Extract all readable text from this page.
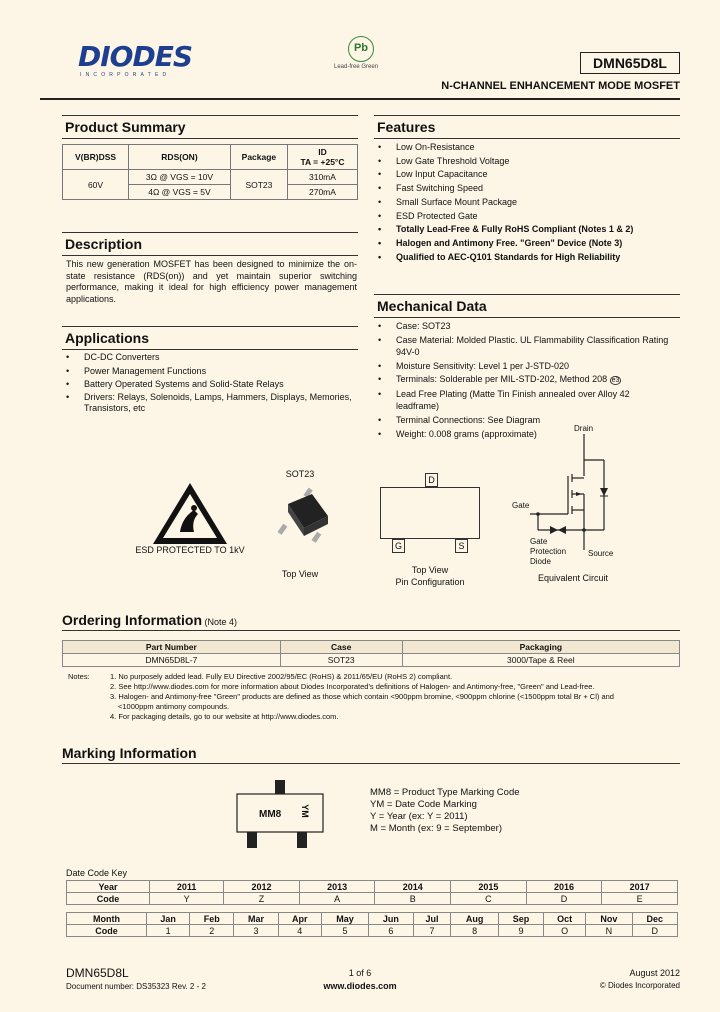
DIODES
INCORPORATED
Pb
Lead-free Green	DMN65D8L
N-CHANNEL ENHANCEMENT MODE MOSFET
Product Summary
V(BR)DSS	RDS(ON)	Package	ID
TA = +25°C

60V	3Ω @ VGS = 10V	SOT23	310mA
	4Ω @ VGS = 5V		270mA
Description
This new generation MOSFET has been designed to minimize the on-state resistance (RDS(on)) and yet maintain superior switching performance, making it ideal for high efficiency power management applications.
Applications
• DC-DC Converters
• Power Management Functions
• Battery Operated Systems and Solid-State Relays
• Drivers: Relays, Solenoids, Lamps, Hammers, Displays, Memories, Transistors, etc
Features
• Low On-Resistance
• Low Gate Threshold Voltage
• Low Input Capacitance
• Fast Switching Speed
• Small Surface Mount Package
• ESD Protected Gate
• Totally Lead-Free & Fully RoHS Compliant (Notes 1 & 2)
• Halogen and Antimony Free. "Green" Device (Note 3)
• Qualified to AEC-Q101 Standards for High Reliability
Mechanical Data
• Case: SOT23
• Case Material: Molded Plastic. UL Flammability Classification Rating 94V-0
• Moisture Sensitivity: Level 1 per J-STD-020
• Terminals: Solderable per MIL-STD-202, Method 208 e3
• Lead Free Plating (Matte Tin Finish annealed over Alloy 42 leadframe)
• Terminal Connections: See Diagram
• Weight: 0.008 grams (approximate)
ESD PROTECTED TO 1kV
SOT23
Top View
D
G	S
Top View
Pin Configuration
Drain
Gate
Source
Gate
Protection
Diode
Equivalent Circuit
Ordering Information (Note 4)
Part Number	Case	Packaging
DMN65D8L-7	SOT23	3000/Tape & Reel
Notes:	1. No purposely added lead. Fully EU Directive 2002/95/EC (RoHS) & 2011/65/EU (RoHS 2) compliant.
2. See http://www.diodes.com for more information about Diodes Incorporated's definitions of Halogen- and Antimony-free, "Green" and Lead-free.
3. Halogen- and Antimony-free "Green" products are defined as those which contain <900ppm bromine, <900ppm chlorine (<1500ppm total Br + Cl) and
<1000ppm antimony compounds.
4. For packaging details, go to our website at http://www.diodes.com.
Marking Information
MM8 YM
MM8 = Product Type Marking Code
YM = Date Code Marking
Y = Year (ex: Y = 2011)
M = Month (ex: 9 = September)
Date Code Key
Year	2011	2012	2013	2014	2015	2016	2017
Code	Y	Z	A	B	C	D	E
Month	Jan	Feb	Mar	Apr	May	Jun	Jul	Aug	Sep	Oct	Nov	Dec
Code	1	2	3	4	5	6	7	8	9	O	N	D
DMN65D8L
Document number: DS35323 Rev. 2 - 2
1 of 6
www.diodes.com
August 2012
© Diodes Incorporated
